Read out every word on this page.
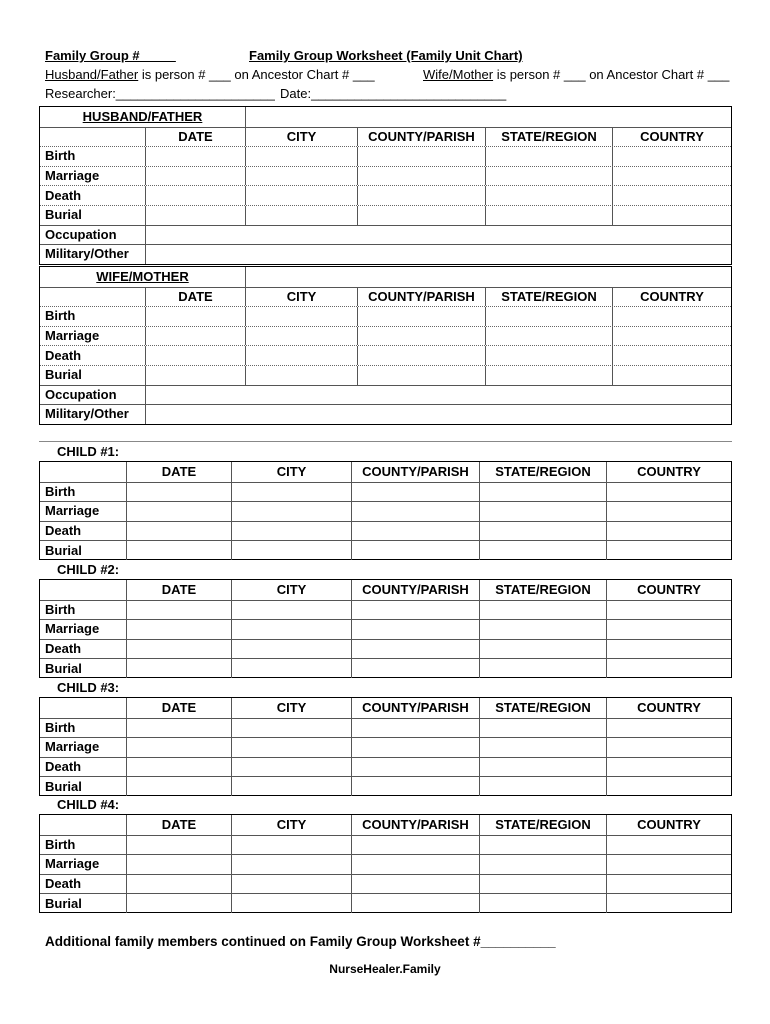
Family Group #_____	Family Group Worksheet (Family Unit Chart)
Husband/Father is person # ___ on Ancestor Chart # ___	Wife/Mother is person # ___ on Ancestor Chart # ___
Researcher:______________________ Date:___________________________
HUSBAND/FATHER
DATE	CITY	COUNTY/PARISH	STATE/REGION	COUNTRY
Birth
Marriage
Death
Burial
Occupation
Military/Other
WIFE/MOTHER
DATE	CITY	COUNTY/PARISH	STATE/REGION	COUNTRY
Birth
Marriage
Death
Burial
Occupation
Military/Other
CHILD #1:
DATE	CITY	COUNTY/PARISH	STATE/REGION	COUNTRY
Birth
Marriage
Death
Burial
CHILD #2:
DATE	CITY	COUNTY/PARISH	STATE/REGION	COUNTRY
Birth
Marriage
Death
Burial
CHILD #3:
DATE	CITY	COUNTY/PARISH	STATE/REGION	COUNTRY
Birth
Marriage
Death
Burial
CHILD #4:
DATE	CITY	COUNTY/PARISH	STATE/REGION	COUNTRY
Birth
Marriage
Death
Burial
Additional family members continued on Family Group Worksheet #__________
NurseHealer.Family
